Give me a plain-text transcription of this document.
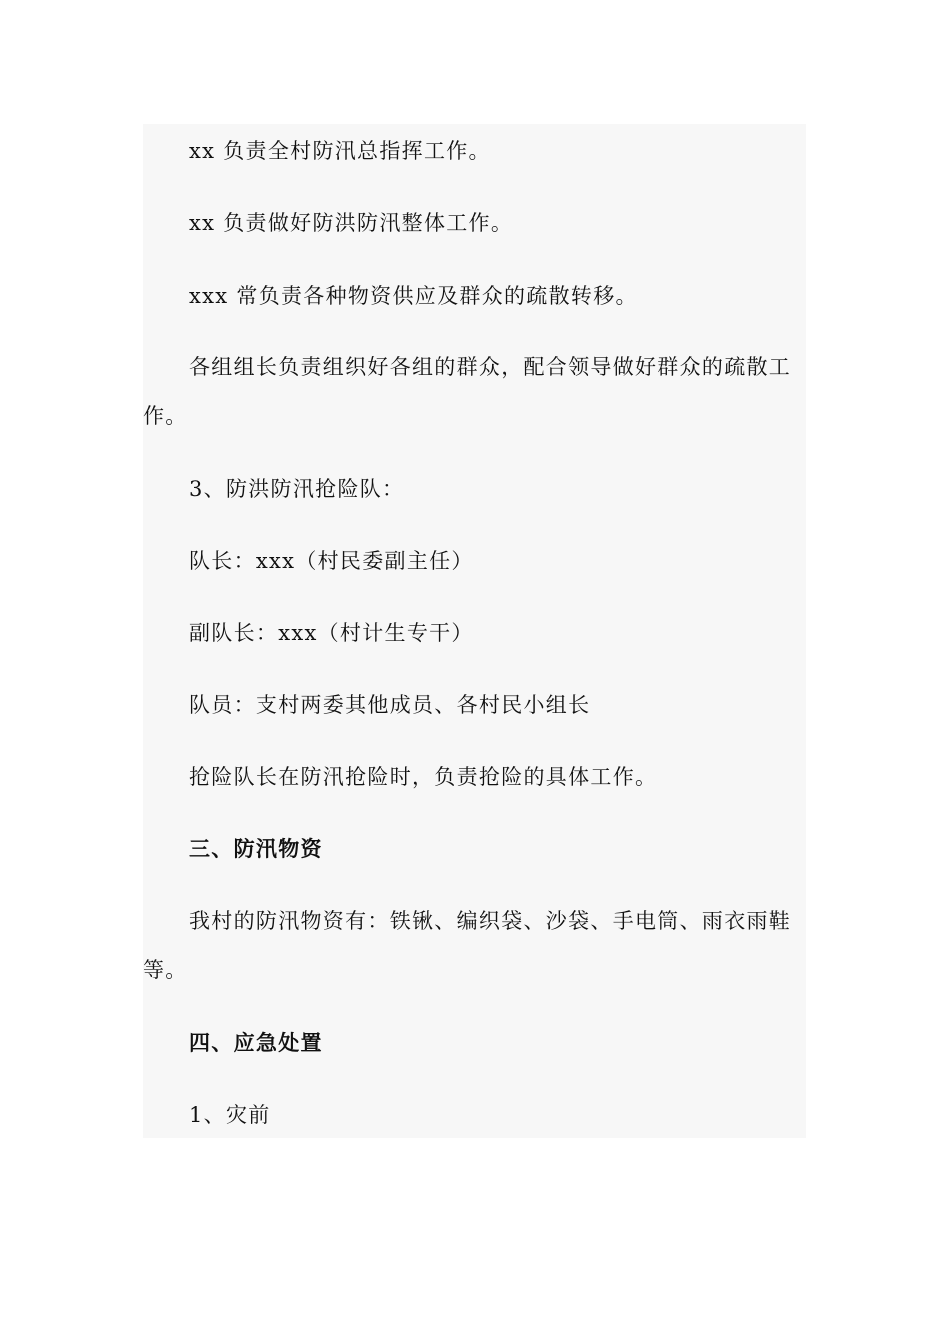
xx 负责全村防汛总指挥工作。

xx 负责做好防洪防汛整体工作。

xxx 常负责各种物资供应及群众的疏散转移。

各组组长负责组织好各组的群众，配合领导做好群众的疏散工作。

3、防洪防汛抢险队：

队长：xxx（村民委副主任）

副队长：xxx（村计生专干）

队员：支村两委其他成员、各村民小组长

抢险队长在防汛抢险时，负责抢险的具体工作。

三、防汛物资

我村的防汛物资有：铁锹、编织袋、沙袋、手电筒、雨衣雨鞋等。

四、应急处置

1、灾前
